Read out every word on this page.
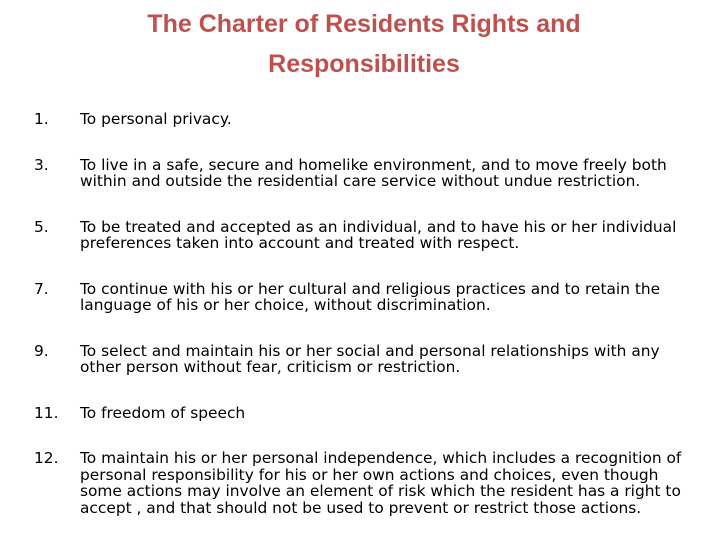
The Charter of Residents Rights and
Responsibilities
1.	To personal privacy.
3.	To live in a safe, secure and homelike environment, and to move freely both within and outside the residential care service without undue restriction.
5.	To be treated and accepted as an individual, and to have his or her individual preferences taken into account and treated with respect.
7.	To continue with his or her cultural and religious practices and to retain the language of his or her choice, without discrimination.
9.	To select and maintain his or her social and personal relationships with any other person without fear, criticism or restriction.
11.	To freedom of speech
12.	To maintain his or her personal independence, which includes a recognition of personal responsibility for his or her own actions and choices, even though some actions may involve an element of risk which the resident has a right to accept , and that should not be used to prevent or restrict those actions.
